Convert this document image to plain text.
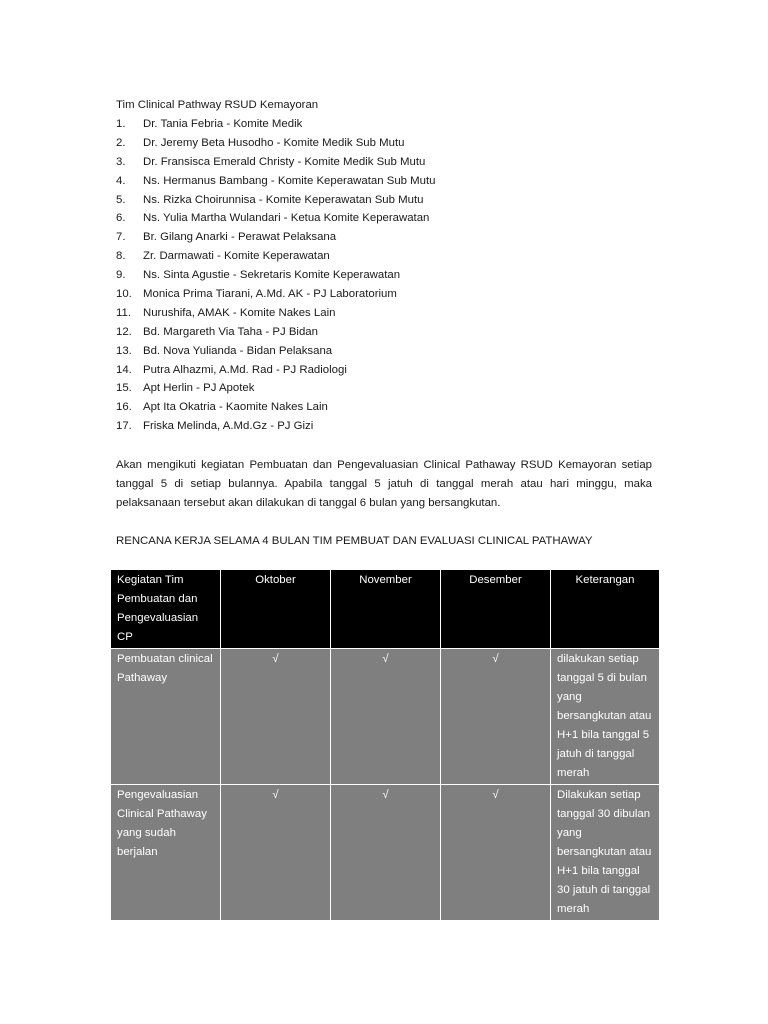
Tim Clinical Pathway RSUD Kemayoran
1. Dr. Tania Febria - Komite Medik
2. Dr. Jeremy Beta Husodho - Komite Medik Sub Mutu
3. Dr. Fransisca Emerald Christy - Komite Medik Sub Mutu
4. Ns. Hermanus Bambang - Komite Keperawatan Sub Mutu
5. Ns. Rizka Choirunnisa - Komite Keperawatan Sub Mutu
6. Ns. Yulia Martha Wulandari - Ketua Komite Keperawatan
7. Br. Gilang Anarki - Perawat Pelaksana
8. Zr. Darmawati - Komite Keperawatan
9. Ns. Sinta Agustie - Sekretaris Komite Keperawatan
10. Monica Prima Tiarani, A.Md. AK - PJ Laboratorium
11. Nurushifa, AMAK - Komite Nakes Lain
12. Bd. Margareth Via Taha - PJ Bidan
13. Bd. Nova Yulianda - Bidan Pelaksana
14. Putra Alhazmi, A.Md. Rad - PJ Radiologi
15. Apt Herlin - PJ Apotek
16. Apt Ita Okatria - Kaomite Nakes Lain
17. Friska Melinda, A.Md.Gz - PJ Gizi

Akan mengikuti kegiatan Pembuatan dan Pengevaluasian Clinical Pathaway RSUD Kemayoran setiap tanggal 5 di setiap bulannya. Apabila tanggal 5 jatuh di tanggal merah atau hari minggu, maka pelaksanaan tersebut akan dilakukan di tanggal 6 bulan yang bersangkutan.

RENCANA KERJA SELAMA 4 BULAN TIM PEMBUAT DAN EVALUASI CLINICAL PATHAWAY
Kegiatan Tim Pembuatan dan Pengevaluasian CP	Oktober	November	Desember	Keterangan
Pembuatan clinical Pathaway	√	√	√	dilakukan setiap tanggal 5 di bulan yang bersangkutan atau H+1 bila tanggal 5 jatuh di tanggal merah
Pengevaluasian Clinical Pathaway yang sudah berjalan	√	√	√	Dilakukan setiap tanggal 30 dibulan yang bersangkutan atau H+1 bila tanggal 30 jatuh di tanggal merah
